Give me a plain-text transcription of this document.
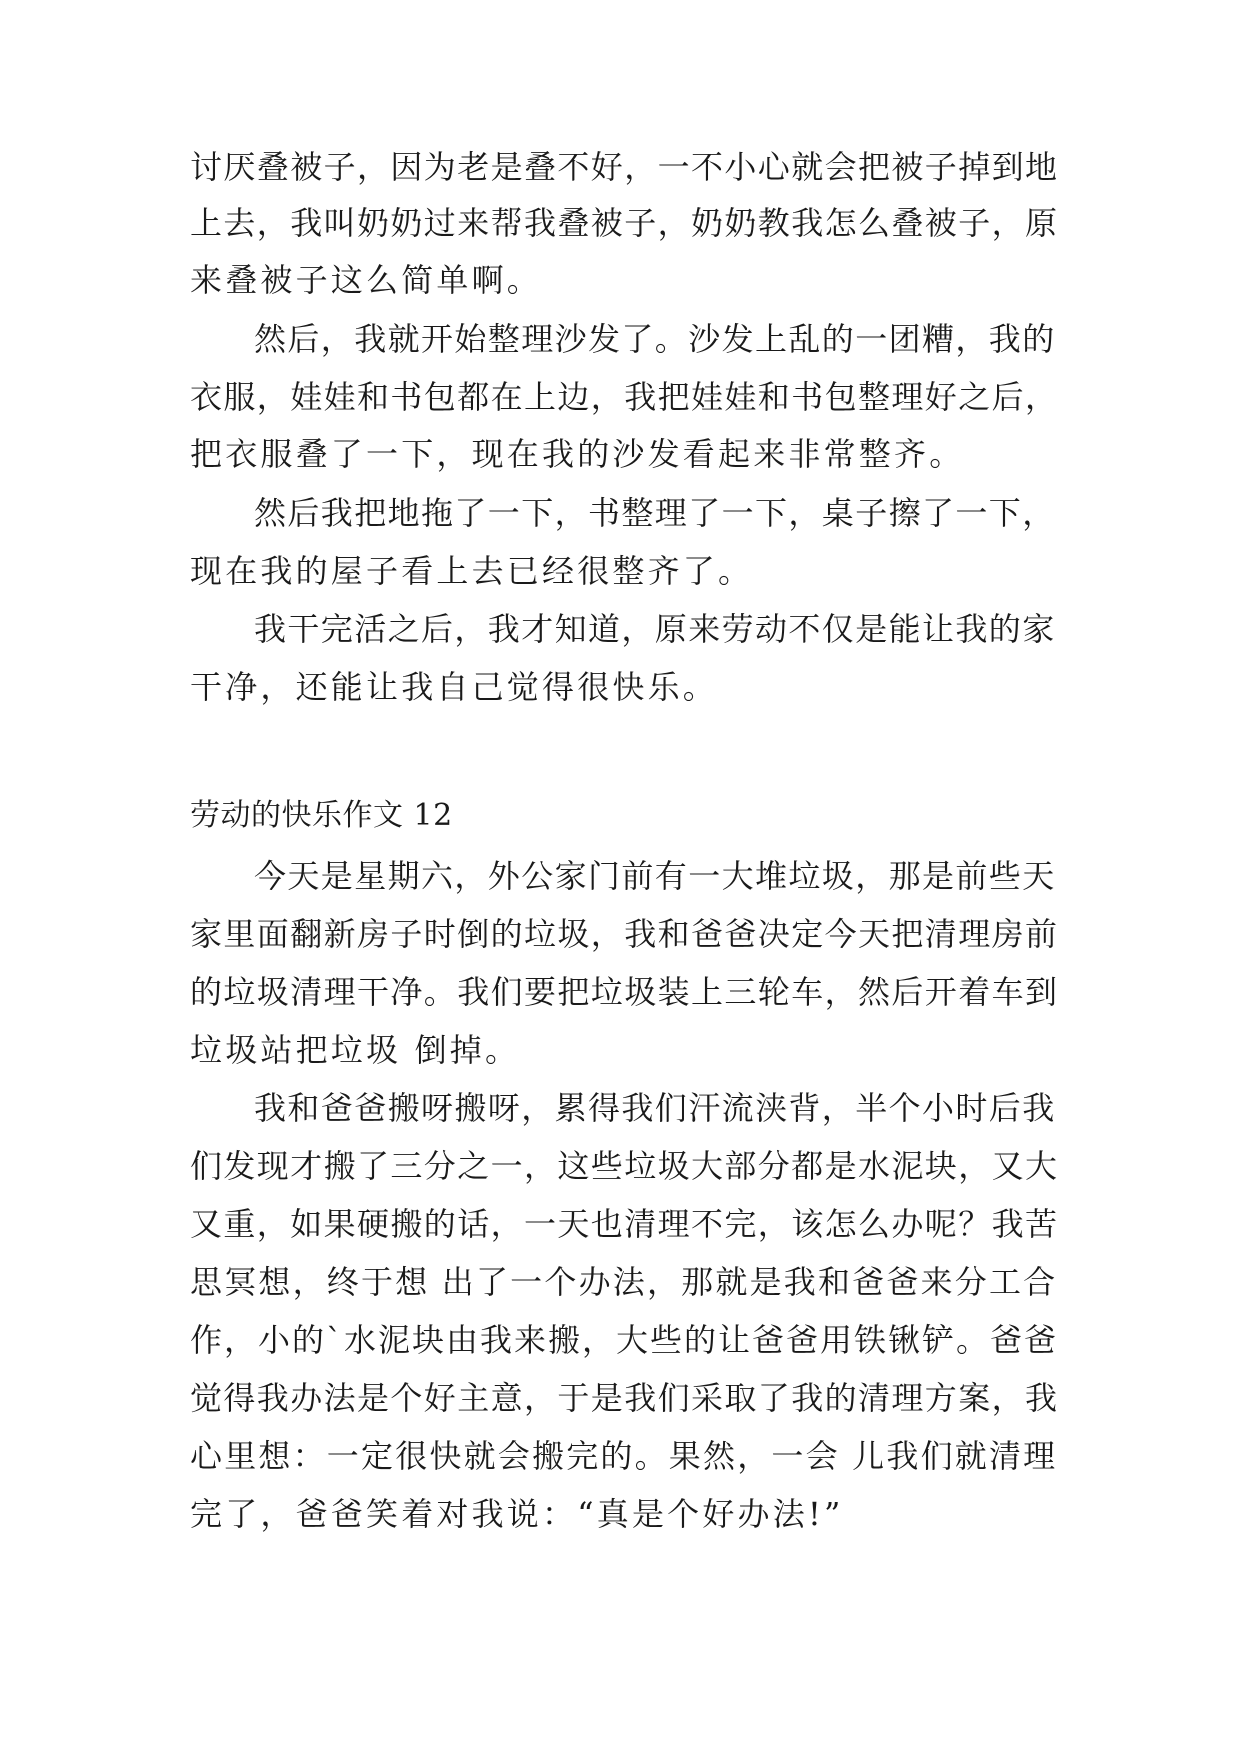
讨厌叠被子，因为老是叠不好，一不小心就会把被子掉到地
上去，我叫奶奶过来帮我叠被子，奶奶教我怎么叠被子，原
来叠被子这么简单啊。
然后，我就开始整理沙发了。沙发上乱的一团糟，我的
衣服，娃娃和书包都在上边，我把娃娃和书包整理好之后，
把衣服叠了一下，现在我的沙发看起来非常整齐。
然后我把地拖了一下，书整理了一下，桌子擦了一下，
现在我的屋子看上去已经很整齐了。
我干完活之后，我才知道，原来劳动不仅是能让我的家
干净，还能让我自己觉得很快乐。
劳动的快乐作文 12
今天是星期六，外公家门前有一大堆垃圾，那是前些天
家里面翻新房子时倒的垃圾，我和爸爸决定今天把清理房前
的垃圾清理干净。我们要把垃圾装上三轮车，然后开着车到
垃圾站把垃圾 倒掉。
我和爸爸搬呀搬呀，累得我们汗流浃背，半个小时后我
们发现才搬了三分之一，这些垃圾大部分都是水泥块，又大
又重，如果硬搬的话，一天也清理不完，该怎么办呢？我苦
思冥想，终于想 出了一个办法，那就是我和爸爸来分工合
作，小的`水泥块由我来搬，大些的让爸爸用铁锹铲。爸爸
觉得我办法是个好主意，于是我们采取了我的清理方案，我
心里想：一定很快就会搬完的。果然，一会 儿我们就清理
完了，爸爸笑着对我说：“真是个好办法!”
